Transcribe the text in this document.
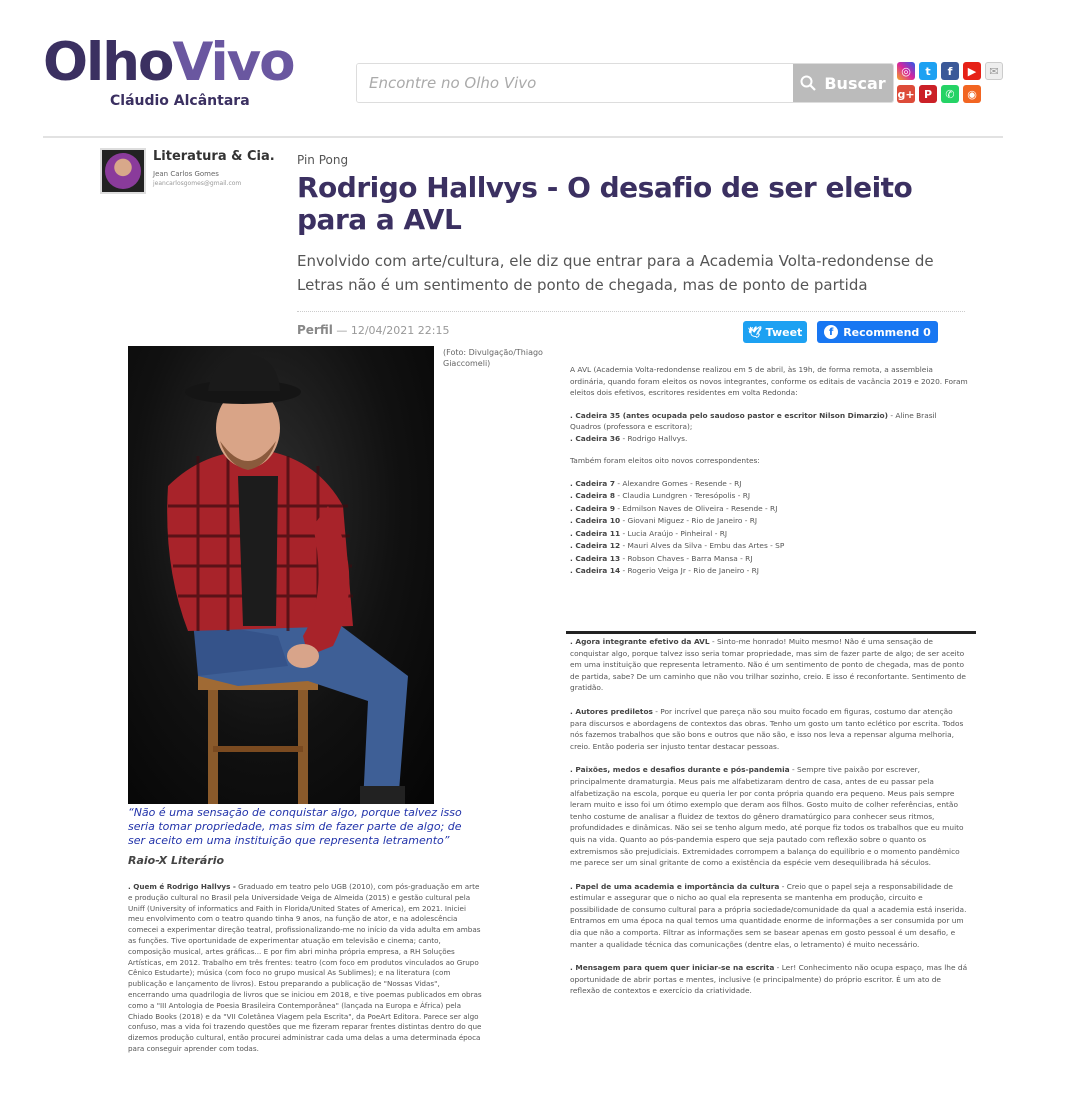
OlhoVivo
Cláudio Alcântara
Encontre no Olho Vivo
Buscar
◎	t	f	▶	✉
g+ P	✆	◉
Literatura & Cia.
Jean Carlos Gomes
jeancarlosgomes@gmail.com
Pin Pong
Rodrigo Hallvys - O desafio de ser eleito para a AVL
Envolvido com arte/cultura, ele diz que entrar para a Academia Volta-redondense de Letras não é um sentimento de ponto de chegada, mas de ponto de partida
Perfil — 12/04/2021 22:15	🕊 Tweet	f Recommend 0
(Foto: Divulgação/Thiago Giaccomeli)
“Não é uma sensação de conquistar algo, porque talvez isso seria tomar propriedade, mas sim de fazer parte de algo; de ser aceito em uma instituição que representa letramento”
Raio-X Literário
. Quem é Rodrigo Hallvys - Graduado em teatro pelo UGB (2010), com pós-graduação em arte e produção cultural no Brasil pela Universidade Veiga de Almeida (2015) e gestão cultural pela Uniff (University of informatics and Faith in Florida/United States of America), em 2021. Iniciei meu envolvimento com o teatro quando tinha 9 anos, na função de ator, e na adolescência comecei a experimentar direção teatral, profissionalizando-me no início da vida adulta em ambas as funções. Tive oportunidade de experimentar atuação em televisão e cinema; canto, composição musical, artes gráficas... E por fim abri minha própria empresa, a RH Soluções Artísticas, em 2012. Trabalho em três frentes: teatro (com foco em produtos vinculados ao Grupo Cênico Estudarte); música (com foco no grupo musical As Sublimes); e na literatura (com publicação e lançamento de livros). Estou preparando a publicação de "Nossas Vidas", encerrando uma quadrilogia de livros que se iniciou em 2018, e tive poemas publicados em obras como a "III Antologia de Poesia Brasileira Contemporânea" (lançada na Europa e África) pela Chiado Books (2018) e da "VII Coletânea Viagem pela Escrita", da PoeArt Editora. Parece ser algo confuso, mas a vida foi trazendo questões que me fizeram reparar frentes distintas dentro do que dizemos produção cultural, então procurei administrar cada uma delas a uma determinada época para conseguir aprender com todas.

A AVL (Academia Volta-redondense realizou em 5 de abril, às 19h, de forma remota, a assembleia ordinária, quando foram eleitos os novos integrantes, conforme os editais de vacância 2019 e 2020. Foram eleitos dois efetivos, escritores residentes em volta Redonda:

. Cadeira 35 (antes ocupada pelo saudoso pastor e escritor Nilson Dimarzio) - Aline Brasil Quadros (professora e escritora);
. Cadeira 36 - Rodrigo Hallvys.

Também foram eleitos oito novos correspondentes:

. Cadeira 7 - Alexandre Gomes - Resende - RJ
. Cadeira 8 - Claudia Lundgren - Teresópolis - RJ
. Cadeira 9 - Edmilson Naves de Oliveira - Resende - RJ
. Cadeira 10 - Giovani Miguez - Rio de Janeiro - RJ
. Cadeira 11 - Lucia Araújo - Pinheiral - RJ
. Cadeira 12 - Mauri Alves da Silva - Embu das Artes - SP
. Cadeira 13 - Robson Chaves - Barra Mansa - RJ
. Cadeira 14 - Rogerio Veiga Jr - Rio de Janeiro - RJ

. Agora integrante efetivo da AVL - Sinto-me honrado! Muito mesmo! Não é uma sensação de conquistar algo, porque talvez isso seria tomar propriedade, mas sim de fazer parte de algo; de ser aceito em uma instituição que representa letramento. Não é um sentimento de ponto de chegada, mas de ponto de partida, sabe? De um caminho que não vou trilhar sozinho, creio. E isso é reconfortante. Sentimento de gratidão.

. Autores prediletos - Por incrível que pareça não sou muito focado em figuras, costumo dar atenção para discursos e abordagens de contextos das obras. Tenho um gosto um tanto eclético por escrita. Todos nós fazemos trabalhos que são bons e outros que não são, e isso nos leva a repensar alguma melhoria, creio. Então poderia ser injusto tentar destacar pessoas.

. Paixões, medos e desafios durante e pós-pandemia - Sempre tive paixão por escrever, principalmente dramaturgia. Meus pais me alfabetizaram dentro de casa, antes de eu passar pela alfabetização na escola, porque eu queria ler por conta própria quando era pequeno. Meus pais sempre leram muito e isso foi um ótimo exemplo que deram aos filhos. Gosto muito de colher referências, então tenho costume de analisar a fluidez de textos do gênero dramatúrgico para conhecer seus ritmos, profundidades e dinâmicas. Não sei se tenho algum medo, até porque fiz todos os trabalhos que eu muito quis na vida. Quanto ao pós-pandemia espero que seja pautado com reflexão sobre o quanto os extremismos são prejudiciais. Extremidades corrompem a balança do equilíbrio e o momento pandêmico me parece ser um sinal gritante de como a existência da espécie vem desequilibrada há séculos.

. Papel de uma academia e importância da cultura - Creio que o papel seja a responsabilidade de estimular e assegurar que o nicho ao qual ela representa se mantenha em produção, circuito e possibilidade de consumo cultural para a própria sociedade/comunidade da qual a academia está inserida. Entramos em uma época na qual temos uma quantidade enorme de informações a ser consumida por um dia que não a comporta. Filtrar as informações sem se basear apenas em gosto pessoal é um desafio, e manter a qualidade técnica das comunicações (dentre elas, o letramento) é muito necessário.

. Mensagem para quem quer iniciar-se na escrita - Ler! Conhecimento não ocupa espaço, mas lhe dá oportunidade de abrir portas e mentes, inclusive (e principalmente) do próprio escritor. É um ato de reflexão de contextos e exercício da criatividade.
